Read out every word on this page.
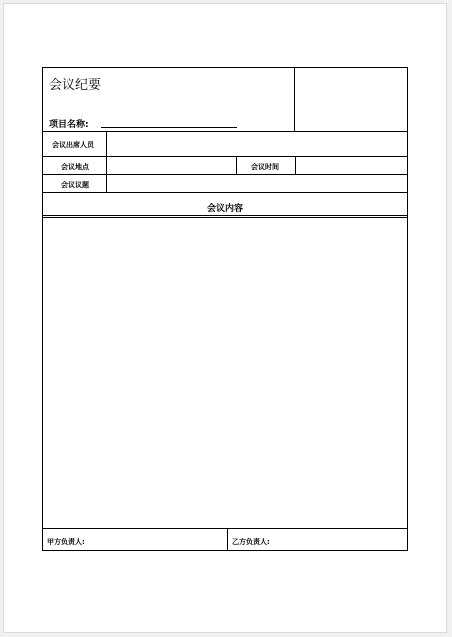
会议纪要
项目名称:
会议出席人员
会议地点	会议时间
会议议题
会议内容
甲方负责人:	乙方负责人:
